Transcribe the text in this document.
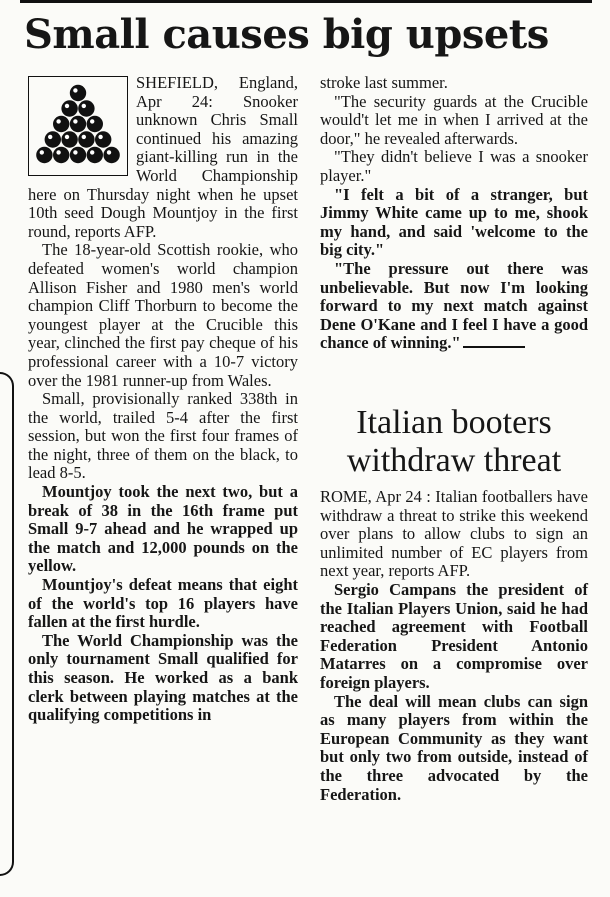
Small causes big upsets

SHEFIELD, England, Apr 24: Snooker unknown Chris Small continued his amazing giant-killing run in the World Championship here on Thursday night when he upset 10th seed Dough Mountjoy in the first round, reports AFP.

The 18-year-old Scottish rookie, who defeated women's world champion Allison Fisher and 1980 men's world champion Cliff Thorburn to become the youngest player at the Crucible this year, clinched the first pay cheque of his professional career with a 10-7 victory over the 1981 runner-up from Wales.

Small, provisionally ranked 338th in the world, trailed 5-4 after the first session, but won the first four frames of the night, three of them on the black, to lead 8-5.

Mountjoy took the next two, but a break of 38 in the 16th frame put Small 9-7 ahead and he wrapped up the match and 12,000 pounds on the yellow.

Mountjoy's defeat means that eight of the world's top 16 players have fallen at the first hurdle.

The World Championship was the only tournament Small qualified for this season. He worked as a bank clerk between playing matches at the qualifying competitions in

stroke last summer.

"The security guards at the Crucible would't let me in when I arrived at the door," he revealed afterwards.

"They didn't believe I was a snooker player."

"I felt a bit of a stranger, but Jimmy White came up to me, shook my hand, and said 'welcome to the big city."

"The pressure out there was unbelievable. But now I'm looking forward to my next match against Dene O'Kane and I feel I have a good chance of winning."

Italian booters withdraw threat

ROME, Apr 24 : Italian footballers have withdraw a threat to strike this weekend over plans to allow clubs to sign an unlimited number of EC players from next year, reports AFP.

Sergio Campans the president of the Italian Players Union, said he had reached agreement with Football Federation President Antonio Matarres on a compromise over foreign players.

The deal will mean clubs can sign as many players from within the European Community as they want but only two from outside, instead of the three advocated by the Federation.
